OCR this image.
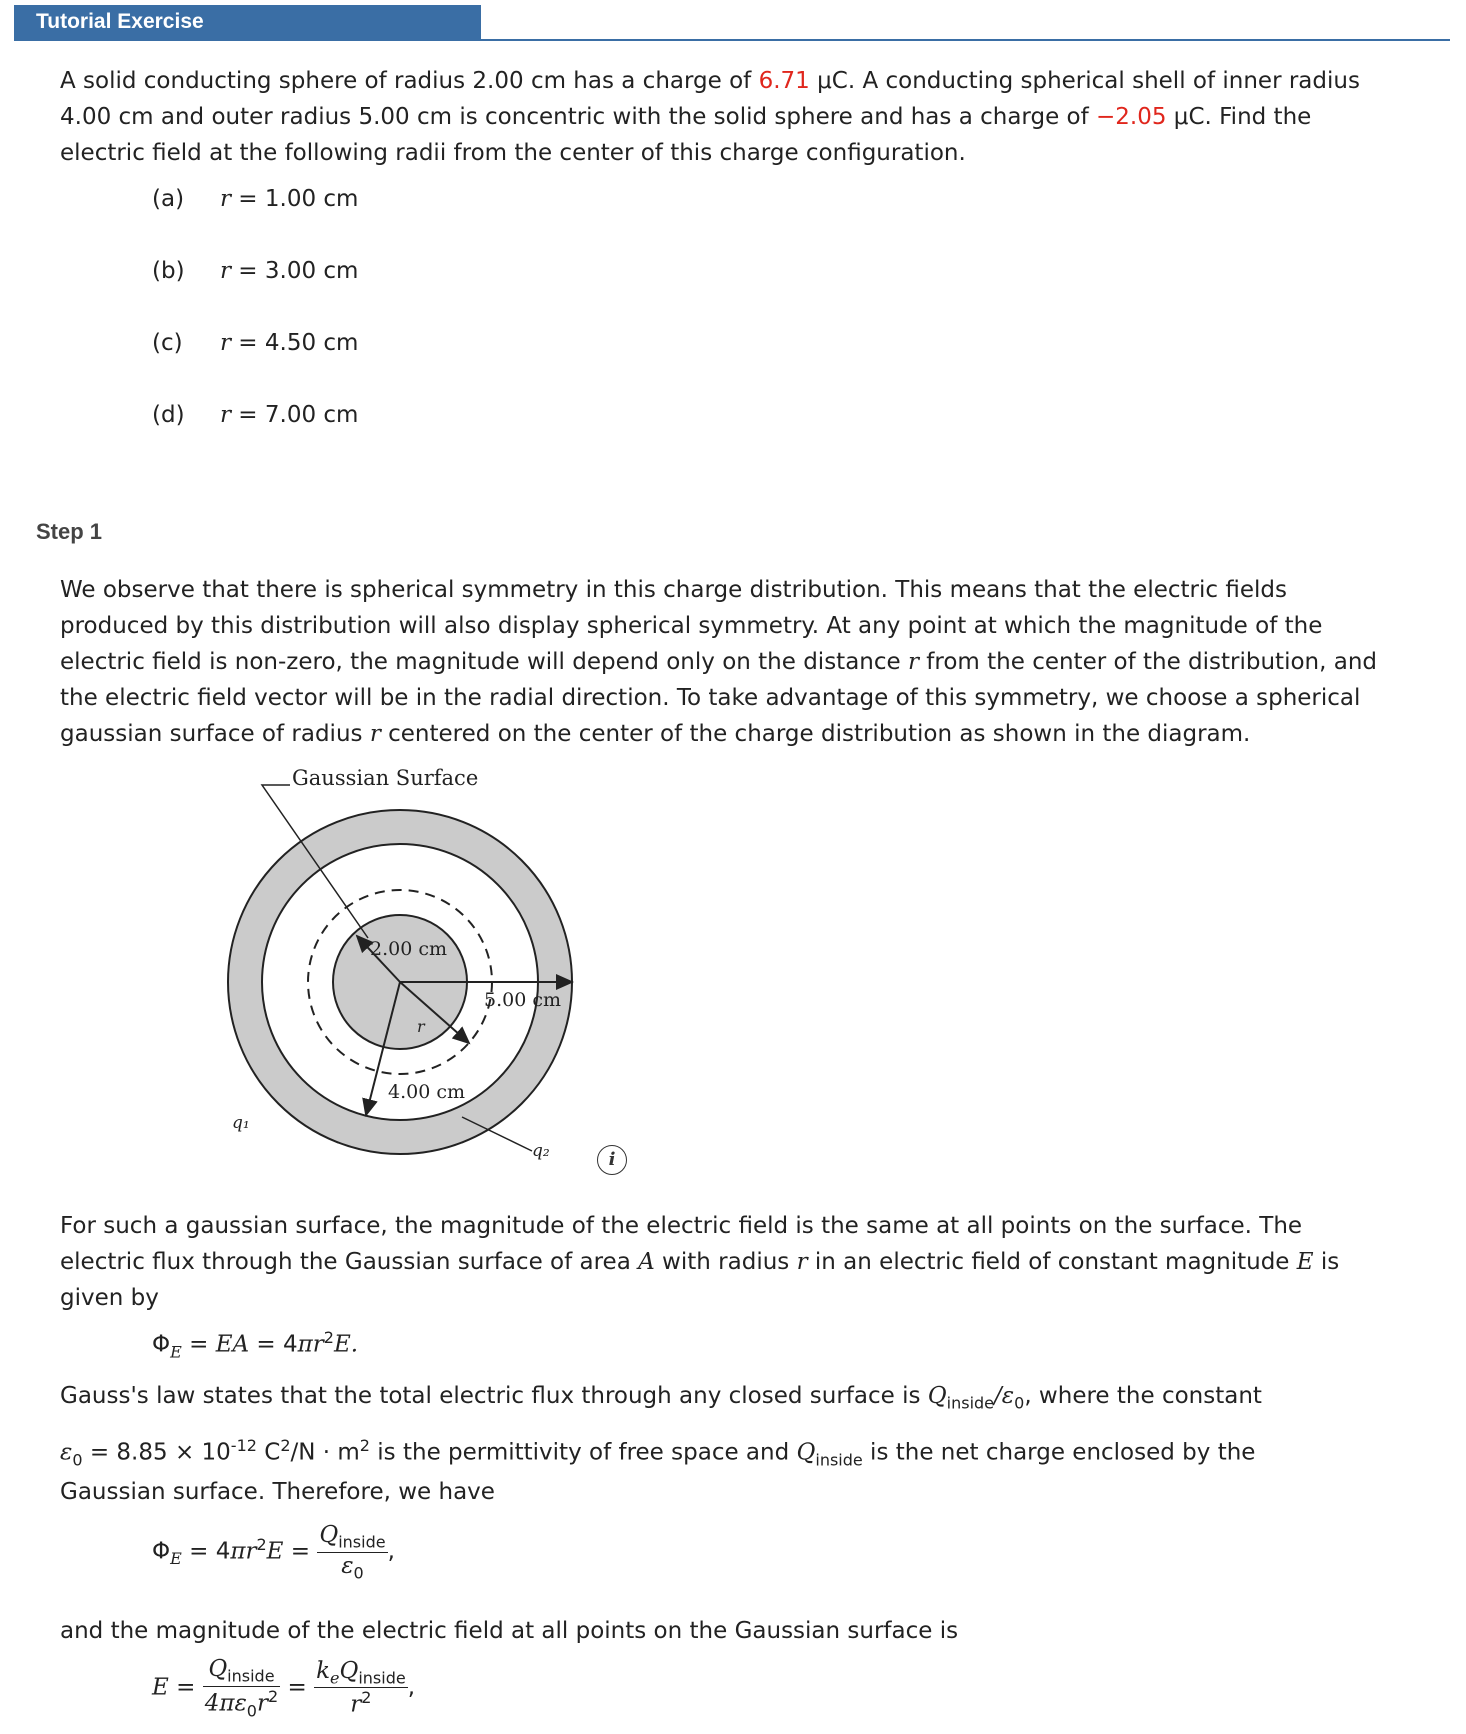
Tutorial Exercise
A solid conducting sphere of radius 2.00 cm has a charge of 6.71 μC. A conducting spherical shell of inner radius
4.00 cm and outer radius 5.00 cm is concentric with the solid sphere and has a charge of −2.05 μC. Find the
electric field at the following radii from the center of this charge configuration.
(a) r = 1.00 cm
(b) r = 3.00 cm
(c) r = 4.50 cm
(d) r = 7.00 cm
Step 1
We observe that there is spherical symmetry in this charge distribution. This means that the electric fields
produced by this distribution will also display spherical symmetry. At any point at which the magnitude of the
electric field is non-zero, the magnitude will depend only on the distance r from the center of the distribution, and
the electric field vector will be in the radial direction. To take advantage of this symmetry, we choose a spherical
gaussian surface of radius r centered on the center of the charge distribution as shown in the diagram.
Gaussian Surface
2.00 cm
5.00 cm
r
4.00 cm
q₁
q₂	i
For such a gaussian surface, the magnitude of the electric field is the same at all points on the surface. The
electric flux through the Gaussian surface of area A with radius r in an electric field of constant magnitude E is
given by
$\Phi_E$ = EA = $4\pi r^2E$.
Gauss's law states that the total electric flux through any closed surface is $Q_{inside}/\varepsilon_0$, where the constant
$\varepsilon_0 = 8.85 \times 10^{-12}$ $C^2/N \cdot m^2$ is the permittivity of free space and $Q_{inside}$ is the net charge enclosed by the
Gaussian surface. Therefore, we have
$\Phi_E = 4\pi r^2E = \frac{Q_{inside}}{\varepsilon_0}$ ,
and the magnitude of the electric field at all points on the Gaussian surface is
$E = \frac{Q_{inside}}{4\pi\varepsilon_0r^2} = \frac{k_eQ_{inside}}{r^2}$ ,
